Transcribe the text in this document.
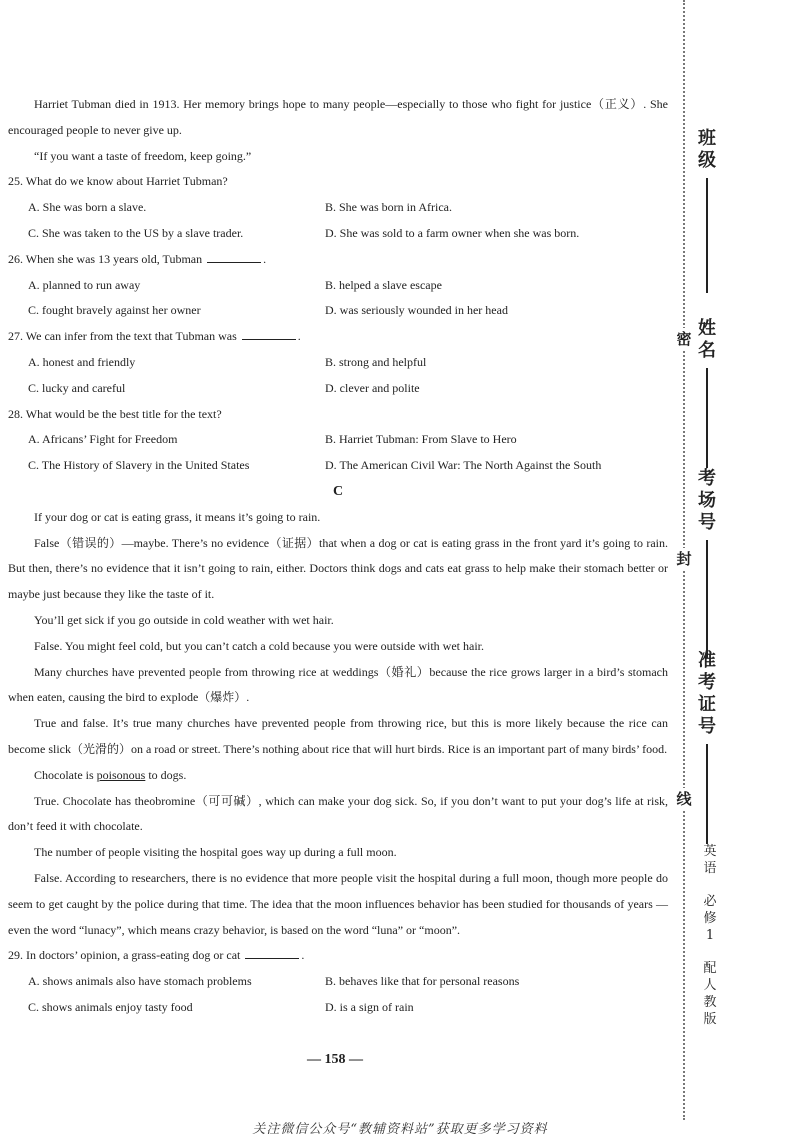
Harriet Tubman died in 1913. Her memory brings hope to many people—especially to those who fight for justice（正义）. She encouraged people to never give up.

“If you want a taste of freedom, keep going.”

25. What do we know about Harriet Tubman?

A. She was born a slave.	B. She was born in Africa.
C. She was taken to the US by a slave trader.	D. She was sold to a farm owner when she was born.

26. When she was 13 years old, Tubman	.

A. planned to run away	B. helped a slave escape
C. fought bravely against her owner	D. was seriously wounded in her head

27. We can infer from the text that Tubman was	.

A. honest and friendly	B. strong and helpful
C. lucky and careful	D. clever and polite

28. What would be the best title for the text?

A. Africans’ Fight for Freedom	B. Harriet Tubman: From Slave to Hero
C. The History of Slavery in the United States	D. The American Civil War: The North Against the South

C

If your dog or cat is eating grass, it means it’s going to rain.

False（错误的）—maybe. There’s no evidence（证据）that when a dog or cat is eating grass in the front yard it’s going to rain. But then, there’s no evidence that it isn’t going to rain, either. Doctors think dogs and cats eat grass to help make their stomach better or maybe just because they like the taste of it.

You’ll get sick if you go outside in cold weather with wet hair.

False. You might feel cold, but you can’t catch a cold because you were outside with wet hair.

Many churches have prevented people from throwing rice at weddings（婚礼）because the rice grows larger in a bird’s stomach when eaten, causing the bird to explode（爆炸）.

True and false. It’s true many churches have prevented people from throwing rice, but this is more likely because the rice can become slick（光滑的）on a road or street. There’s nothing about rice that will hurt birds. Rice is an important part of many birds’ food.

Chocolate is poisonous to dogs.

True. Chocolate has theobromine（可可碱）, which can make your dog sick. So, if you don’t want to put your dog’s life at risk, don’t feed it with chocolate.

The number of people visiting the hospital goes way up during a full moon.

False. According to researchers, there is no evidence that more people visit the hospital during a full moon, though more people do seem to get caught by the police during that time. The idea that the moon influences behavior has been studied for thousands of years — even the word “lunacy”, which means crazy behavior, is based on the word “luna” or “moon”.

29. In doctors’ opinion, a grass-eating dog or cat	.

A. shows animals also have stomach problems	B. behaves like that for personal reasons
C. shows animals enjoy tasty food	D. is a sign of rain
— 158 —
关注微信公众号“教辅资料站”获取更多学习资料
班级
姓名
考场号
准考证号
密
封
线
英语
必修1
配人教版
